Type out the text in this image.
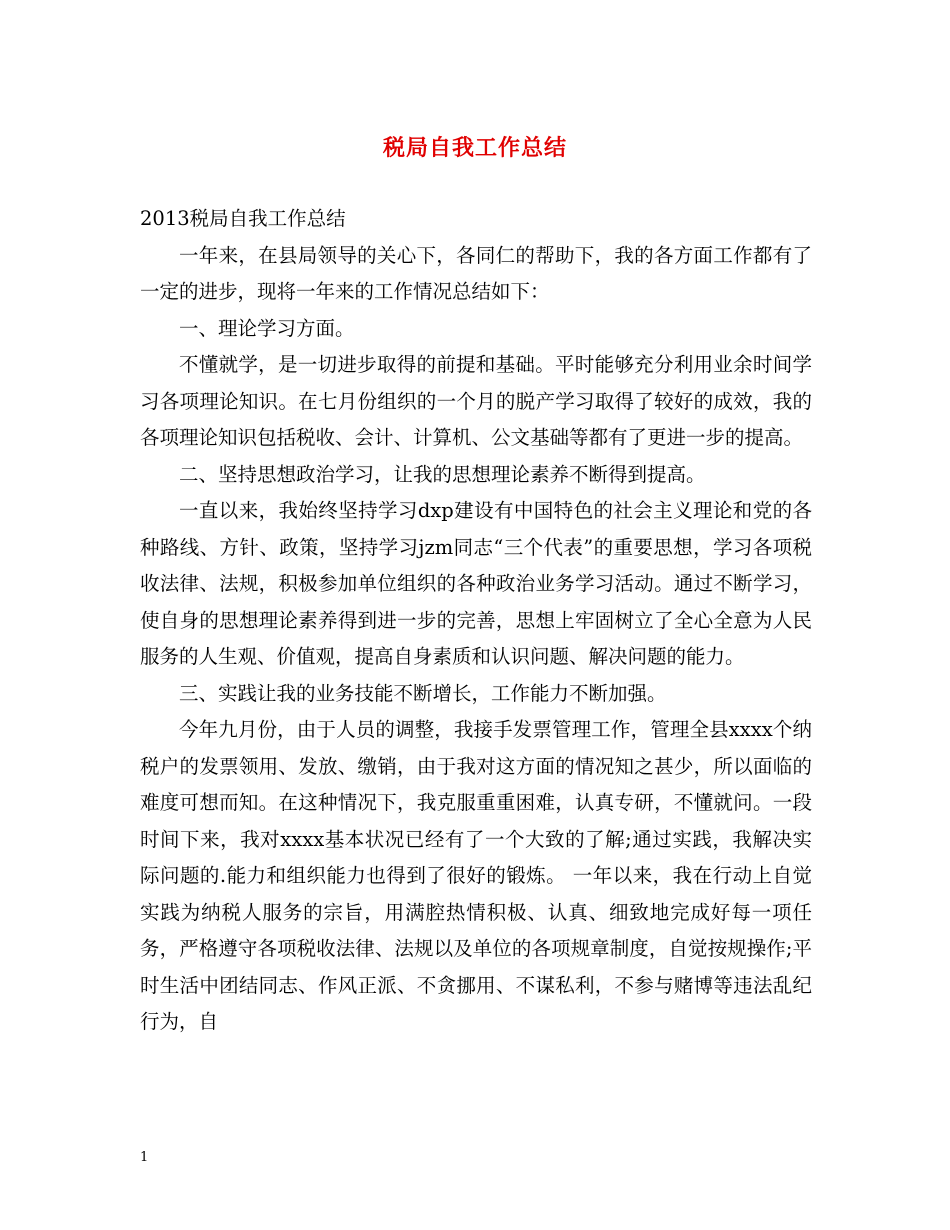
税局自我工作总结

2013税局自我工作总结

一年来，在县局领导的关心下，各同仁的帮助下，我的各方面工作都有了一定的进步，现将一年来的工作情况总结如下：

一、理论学习方面。

不懂就学，是一切进步取得的前提和基础。平时能够充分利用业余时间学习各项理论知识。在七月份组织的一个月的脱产学习取得了较好的成效，我的各项理论知识包括税收、会计、计算机、公文基础等都有了更进一步的提高。

二、坚持思想政治学习，让我的思想理论素养不断得到提高。

一直以来，我始终坚持学习dxp建设有中国特色的社会主义理论和党的各种路线、方针、政策，坚持学习jzm同志“三个代表”的重要思想，学习各项税收法律、法规，积极参加单位组织的各种政治业务学习活动。通过不断学习，使自身的思想理论素养得到进一步的完善，思想上牢固树立了全心全意为人民服务的人生观、价值观，提高自身素质和认识问题、解决问题的能力。

三、实践让我的业务技能不断增长，工作能力不断加强。

今年九月份，由于人员的调整，我接手发票管理工作，管理全县xxxx个纳税户的发票领用、发放、缴销，由于我对这方面的情况知之甚少，所以面临的难度可想而知。在这种情况下，我克服重重困难，认真专研，不懂就问。一段时间下来，我对xxxx基本状况已经有了一个大致的了解;通过实践，我解决实际问题的.能力和组织能力也得到了很好的锻炼。 一年以来，我在行动上自觉实践为纳税人服务的宗旨，用满腔热情积极、认真、细致地完成好每一项任务，严格遵守各项税收法律、法规以及单位的各项规章制度，自觉按规操作;平时生活中团结同志、作风正派、不贪挪用、不谋私利，不参与赌博等违法乱纪行为，自

1
